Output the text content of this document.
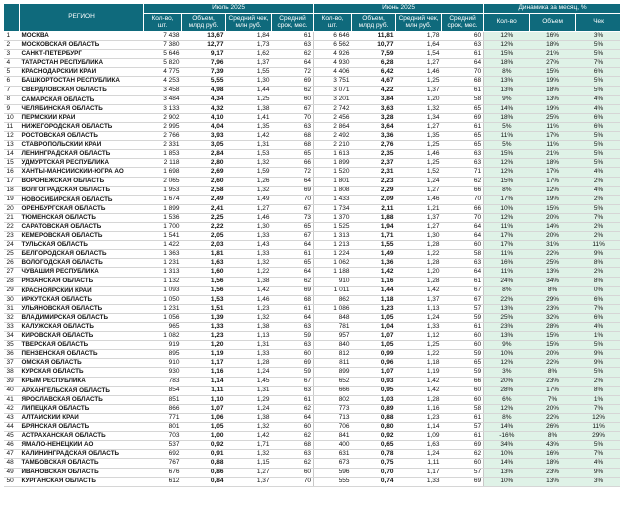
	РЕГИОН	Июль 2025				Июнь 2025				Динамика за месяц, %		
		Кол-во, шт.	Объем, млрд руб.	Средний чек, млн руб.	Средний срок, мес.	Кол-во, шт.	Объем, млрд руб.	Средний чек, млн руб.	Средний срок, мес.	Кол-во	Объем	Чек
1	МОСКВА	7 438	13,67	1,84	61	6 646	11,81	1,78	60	12%	16%	3%
2	МОСКОВСКАЯ ОБЛАСТЬ	7 380	12,77	1,73	63	6 562	10,77	1,64	63	12%	18%	5%
3	САНКТ-ПЕТЕРБУРГ	5 646	9,17	1,62	62	4 926	7,59	1,54	61	15%	21%	5%
4	ТАТАРСТАН РЕСПУБЛИКА	5 820	7,96	1,37	64	4 930	6,28	1,27	64	18%	27%	7%
5	КРАСНОДАРСКИЙ КРАЙ	4 775	7,39	1,55	72	4 406	6,42	1,46	70	8%	15%	6%
6	БАШКОРТОСТАН РЕСПУБЛИКА	4 253	5,55	1,30	69	3 751	4,67	1,25	68	13%	19%	5%
7	СВЕРДЛОВСКАЯ ОБЛАСТЬ	3 458	4,98	1,44	62	3 071	4,22	1,37	61	13%	18%	5%
8	САМАРСКАЯ ОБЛАСТЬ	3 484	4,34	1,25	60	3 201	3,84	1,20	58	9%	13%	4%
9	ЧЕЛЯБИНСКАЯ ОБЛАСТЬ	3 133	4,32	1,38	67	2 742	3,63	1,32	65	14%	19%	4%
10	ПЕРМСКИЙ КРАЙ	2 902	4,10	1,41	70	2 456	3,28	1,34	69	18%	25%	6%
11	НИЖЕГОРОДСКАЯ ОБЛАСТЬ	2 995	4,04	1,35	63	2 864	3,64	1,27	61	5%	11%	6%
12	РОСТОВСКАЯ ОБЛАСТЬ	2 766	3,93	1,42	68	2 492	3,36	1,35	65	11%	17%	5%
13	СТАВРОПОЛЬСКИЙ КРАЙ	2 331	3,05	1,31	68	2 210	2,76	1,25	65	5%	11%	5%
14	ЛЕНИНГРАДСКАЯ ОБЛАСТЬ	1 853	2,84	1,53	65	1 613	2,35	1,46	63	15%	21%	5%
15	УДМУРТСКАЯ РЕСПУБЛИКА	2 118	2,80	1,32	66	1 899	2,37	1,25	63	12%	18%	5%
16	ХАНТЫ-МАНСИЙСКИЙ-ЮГРА АО	1 698	2,69	1,59	72	1 520	2,31	1,52	71	12%	17%	4%
17	ВОРОНЕЖСКАЯ ОБЛАСТЬ	2 065	2,60	1,26	64	1 801	2,23	1,24	62	15%	17%	2%
18	ВОЛГОГРАДСКАЯ ОБЛАСТЬ	1 953	2,58	1,32	69	1 808	2,29	1,27	66	8%	12%	4%
19	НОВОСИБИРСКАЯ ОБЛАСТЬ	1 674	2,49	1,49	70	1 433	2,09	1,46	70	17%	19%	2%
20	ОРЕНБУРГСКАЯ ОБЛАСТЬ	1 899	2,41	1,27	67	1 734	2,11	1,21	66	10%	15%	5%
21	ТЮМЕНСКАЯ ОБЛАСТЬ	1 536	2,25	1,46	73	1 370	1,88	1,37	70	12%	20%	7%
22	САРАТОВСКАЯ ОБЛАСТЬ	1 700	2,22	1,30	65	1 525	1,94	1,27	64	11%	14%	2%
23	КЕМЕРОВСКАЯ ОБЛАСТЬ	1 541	2,05	1,33	67	1 313	1,71	1,30	64	17%	20%	2%
24	ТУЛЬСКАЯ ОБЛАСТЬ	1 422	2,03	1,43	64	1 213	1,55	1,28	60	17%	31%	11%
25	БЕЛГОРОДСКАЯ ОБЛАСТЬ	1 363	1,81	1,33	61	1 224	1,49	1,22	58	11%	22%	9%
26	ВОЛОГОДСКАЯ ОБЛАСТЬ	1 231	1,63	1,32	65	1 062	1,36	1,28	63	16%	25%	8%
27	ЧУВАШИЯ РЕСПУБЛИКА	1 313	1,60	1,22	64	1 188	1,42	1,20	64	11%	13%	2%
28	РЯЗАНСКАЯ ОБЛАСТЬ	1 132	1,56	1,38	62	910	1,16	1,28	61	24%	34%	8%
29	КРАСНОЯРСКИЙ КРАЙ	1 093	1,56	1,42	69	1 011	1,44	1,42	67	8%	8%	0%
30	ИРКУТСКАЯ ОБЛАСТЬ	1 050	1,53	1,46	68	862	1,18	1,37	67	22%	29%	6%
31	УЛЬЯНОВСКАЯ ОБЛАСТЬ	1 231	1,51	1,23	61	1 086	1,23	1,13	57	13%	23%	7%
32	ВЛАДИМИРСКАЯ ОБЛАСТЬ	1 056	1,39	1,32	64	848	1,05	1,24	59	25%	32%	6%
33	КАЛУЖСКАЯ ОБЛАСТЬ	965	1,33	1,38	63	781	1,04	1,33	61	23%	28%	4%
34	КИРОВСКАЯ ОБЛАСТЬ	1 082	1,23	1,13	59	957	1,07	1,12	60	13%	15%	1%
35	ТВЕРСКАЯ ОБЛАСТЬ	919	1,20	1,31	63	840	1,05	1,25	60	9%	15%	5%
36	ПЕНЗЕНСКАЯ ОБЛАСТЬ	895	1,19	1,33	60	812	0,99	1,22	59	10%	20%	9%
37	ОМСКАЯ ОБЛАСТЬ	910	1,17	1,28	69	811	0,96	1,18	65	12%	22%	9%
38	КУРСКАЯ ОБЛАСТЬ	930	1,16	1,24	59	899	1,07	1,19	59	3%	8%	5%
39	КРЫМ РЕСПУБЛИКА	783	1,14	1,45	67	652	0,93	1,42	66	20%	23%	2%
40	АРХАНГЕЛЬСКАЯ ОБЛАСТЬ	854	1,11	1,31	63	666	0,95	1,42	60	28%	17%	8%
41	ЯРОСЛАВСКАЯ ОБЛАСТЬ	851	1,10	1,29	61	802	1,03	1,28	60	6%	7%	1%
42	ЛИПЕЦКАЯ ОБЛАСТЬ	866	1,07	1,24	62	773	0,89	1,16	58	12%	20%	7%
43	АЛТАЙСКИЙ КРАЙ	771	1,06	1,38	64	713	0,88	1,23	61	8%	22%	12%
44	БРЯНСКАЯ ОБЛАСТЬ	801	1,05	1,32	60	706	0,80	1,14	57	14%	26%	11%
45	АСТРАХАНСКАЯ ОБЛАСТЬ	703	1,00	1,42	62	841	0,92	1,09	61	-16%	8%	29%
46	ЯМАЛО-НЕНЕЦКИЙ АО	537	0,92	1,71	68	400	0,65	1,63	69	34%	43%	5%
47	КАЛИНИНГРАДСКАЯ ОБЛАСТЬ	692	0,91	1,32	63	631	0,78	1,24	62	10%	16%	7%
48	ТАМБОВСКАЯ ОБЛАСТЬ	767	0,88	1,15	62	673	0,75	1,11	60	14%	18%	4%
49	ИВАНОВСКАЯ ОБЛАСТЬ	676	0,86	1,27	60	596	0,70	1,17	57	13%	23%	9%
50	КУРГАНСКАЯ ОБЛАСТЬ	612	0,84	1,37	70	555	0,74	1,33	69	10%	13%	3%
